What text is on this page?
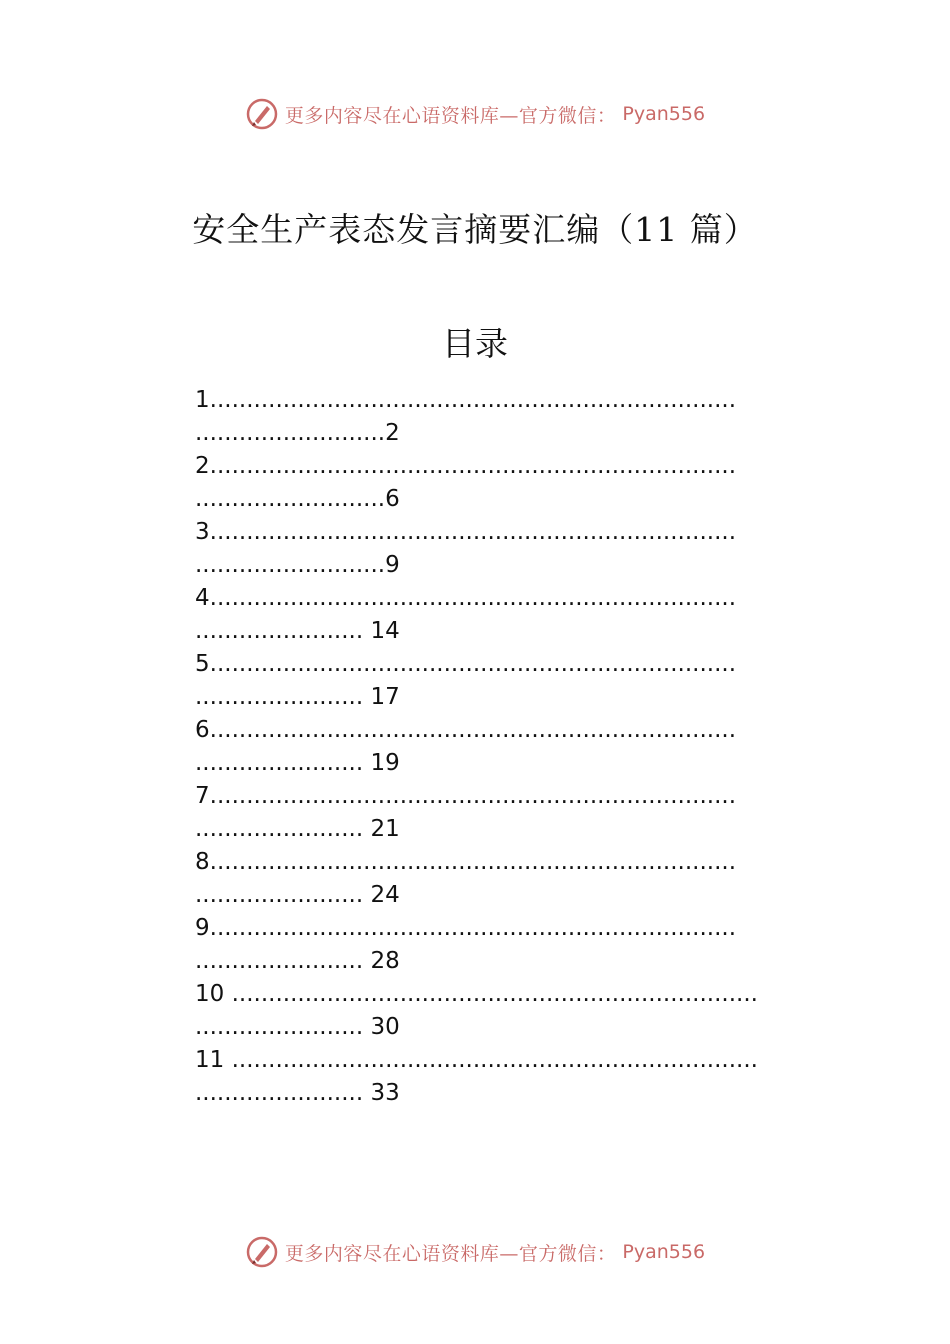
更多内容尽在心语资料库—官方微信： Pyan556
安全生产表态发言摘要汇编（11 篇）
目录
1........................................................................
..........................2
2........................................................................
..........................6
3........................................................................
..........................9
4........................................................................
....................... 14
5........................................................................
....................... 17
6........................................................................
....................... 19
7........................................................................
....................... 21
8........................................................................
....................... 24
9........................................................................
....................... 28
10 ........................................................................
....................... 30
11 ........................................................................
....................... 33
更多内容尽在心语资料库—官方微信： Pyan556
